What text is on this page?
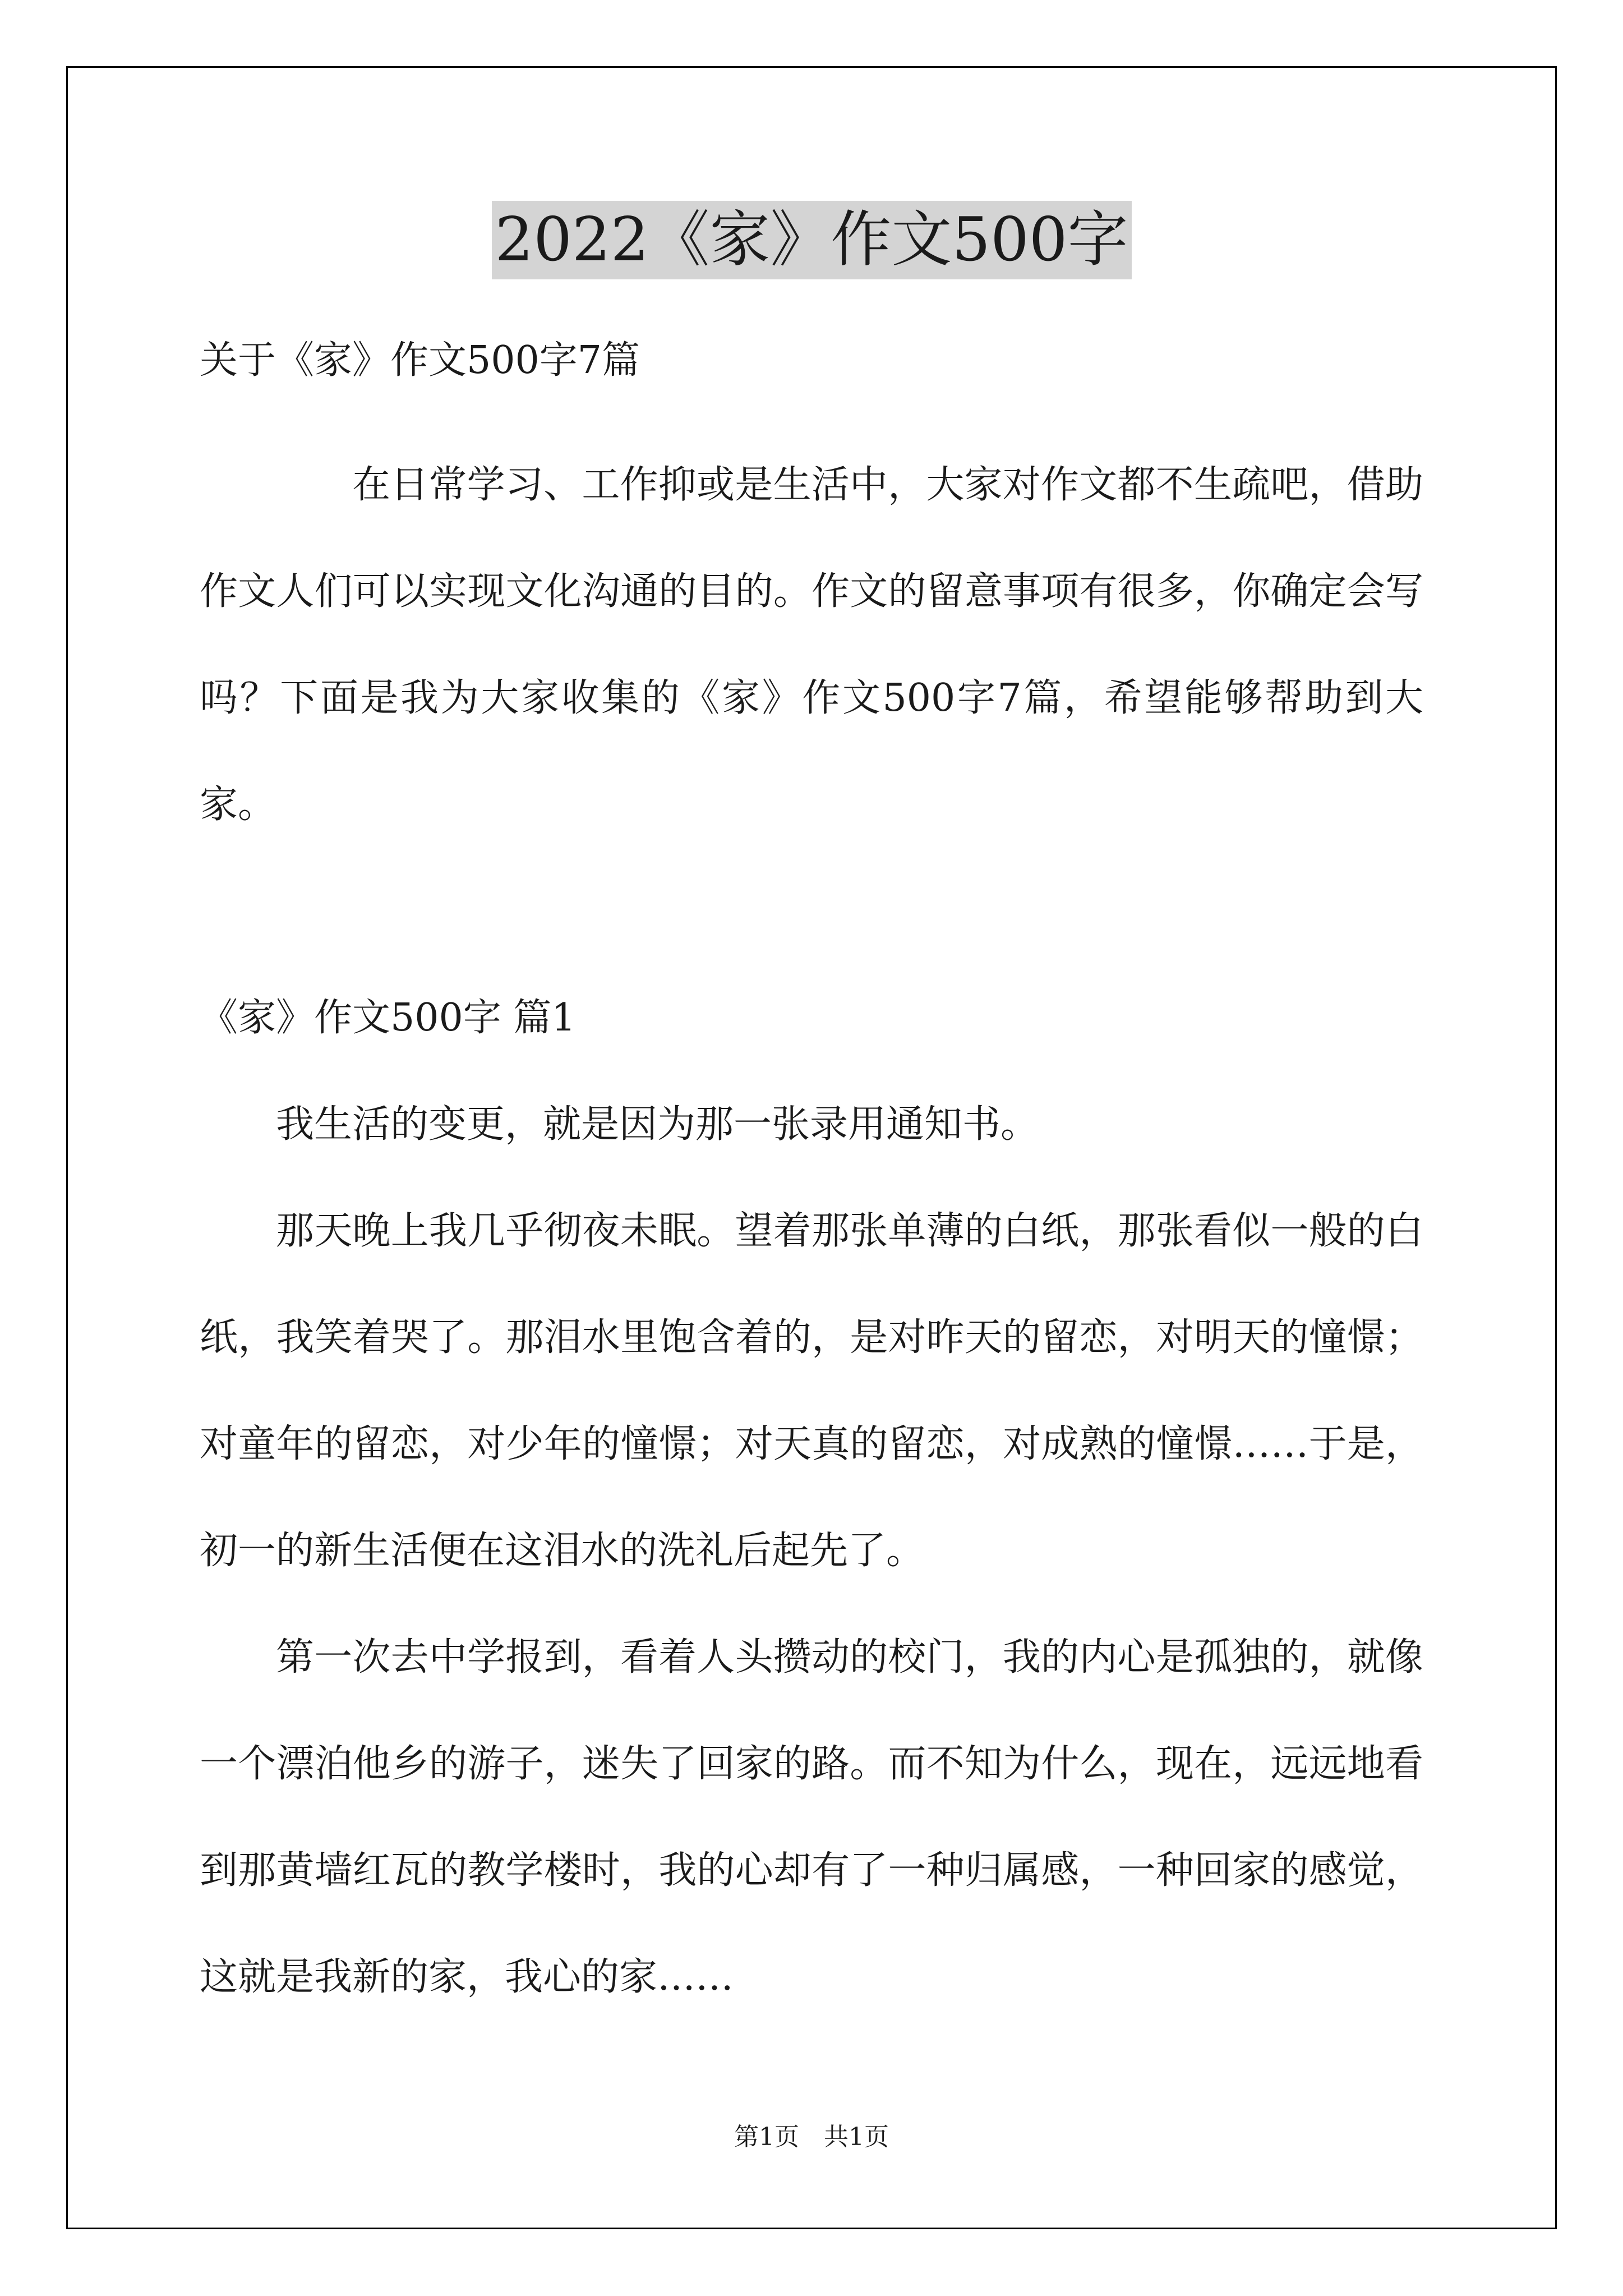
2022《家》作文500字

关于《家》作文500字7篇

在日常学习、工作抑或是生活中，大家对作文都不生疏吧，借助作文人们可以实现文化沟通的目的。作文的留意事项有很多，你确定会写吗？下面是我为大家收集的《家》作文500字7篇，希望能够帮助到大家。

《家》作文500字 篇1

我生活的变更，就是因为那一张录用通知书。

那天晚上我几乎彻夜未眠。望着那张单薄的白纸，那张看似一般的白纸，我笑着哭了。那泪水里饱含着的，是对昨天的留恋，对明天的憧憬；对童年的留恋，对少年的憧憬；对天真的留恋，对成熟的憧憬……于是，初一的新生活便在这泪水的洗礼后起先了。

第一次去中学报到，看着人头攒动的校门，我的内心是孤独的，就像一个漂泊他乡的游子，迷失了回家的路。而不知为什么，现在，远远地看到那黄墙红瓦的教学楼时，我的心却有了一种归属感，一种回家的感觉，这就是我新的家，我心的家……

第1页　共1页
